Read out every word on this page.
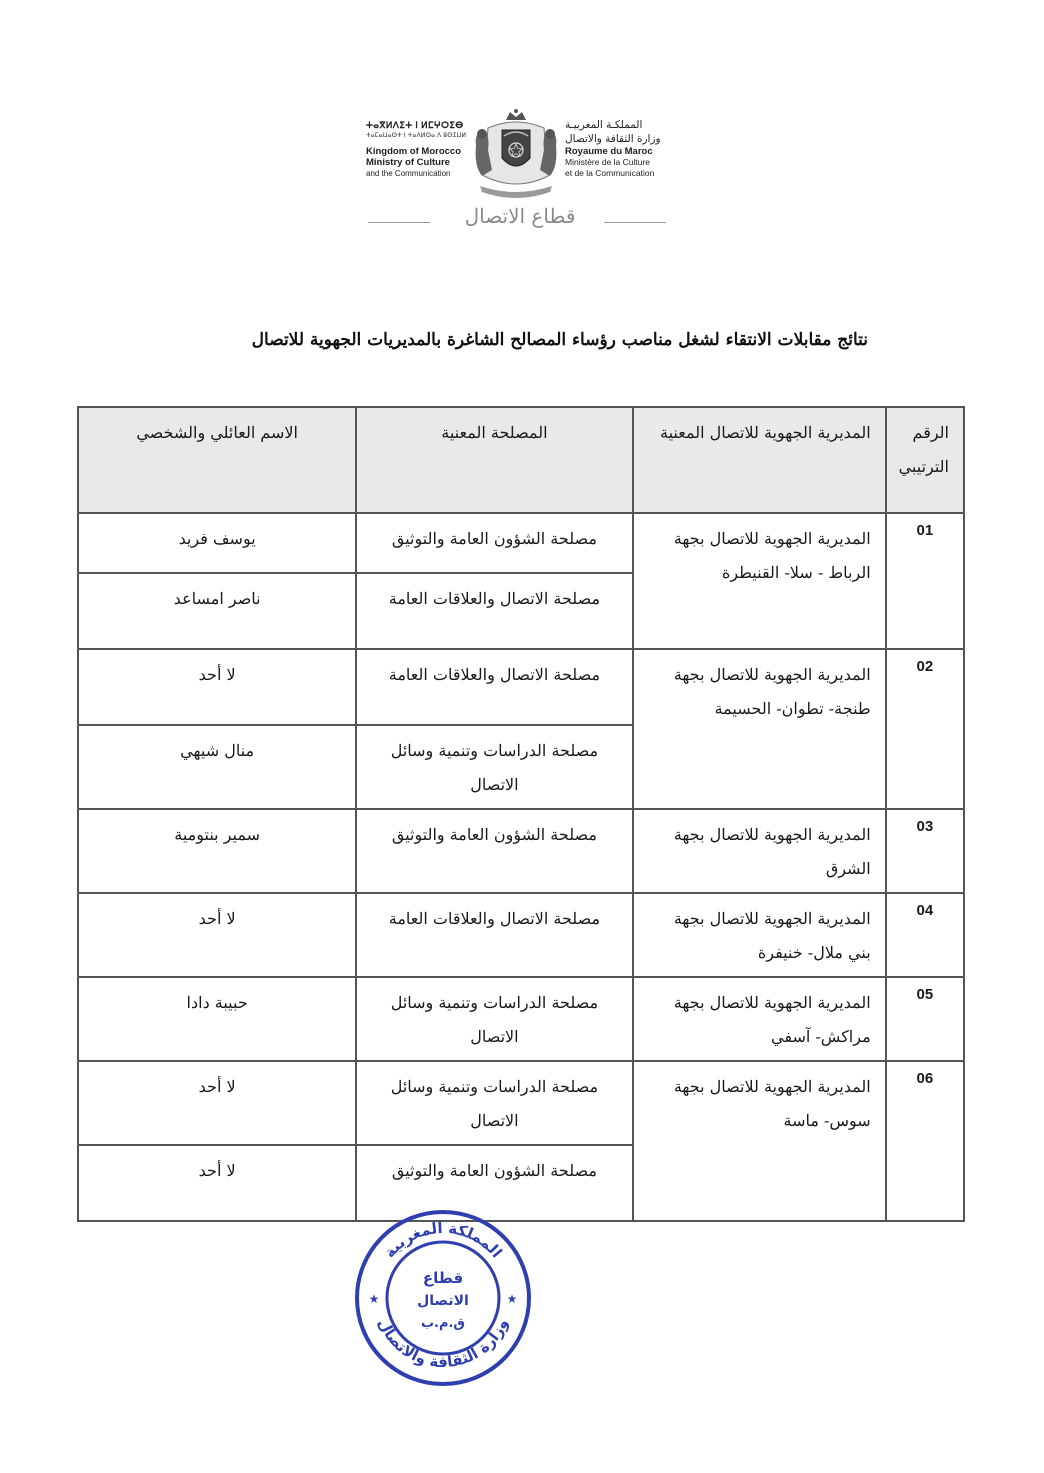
ⵜⴰⴳⵍⴷⵉⵜ ⵏ ⵍⵎⵖⵔⵉⴱ
ⵜⴰⵎⴰⵡⴰⵙⵜ ⵏ ⵜⴰⴷⵍⵙⴰ ⴷ ⵓⵙⵉⵡⵍ
Kingdom of Morocco
Ministry of Culture
and the Communication
المملكـة المغربيـة
وزارة الثقافة والاتصال
Royaume du Maroc
Ministère de la Culture
et de la Communication
قطاع الاتصال
نتائج مقابلات الانتقاء لشغل مناصب رؤساء المصالح الشاغرة بالمديريات الجهوية للاتصال
الرقم الترتيبي	المديرية الجهوية للاتصال المعنية	المصلحة المعنية	الاسم العائلي والشخصي
01	المديرية الجهوية للاتصال بجهة الرباط - سلا- القنيطرة	مصلحة الشؤون العامة والتوثيق	يوسف فريد
		مصلحة الاتصال والعلاقات العامة	ناصر امساعد
02	المديرية الجهوية للاتصال بجهة طنجة- تطوان- الحسيمة	مصلحة الاتصال والعلاقات العامة	لا أحد
		مصلحة الدراسات وتنمية وسائل الاتصال	منال شيهي
03	المديرية الجهوية للاتصال بجهة الشرق	مصلحة الشؤون العامة والتوثيق	سمير بنتومية
04	المديرية الجهوية للاتصال بجهة بني ملال- خنيفرة	مصلحة الاتصال والعلاقات العامة	لا أحد
05	المديرية الجهوية للاتصال بجهة مراكش- آسفي	مصلحة الدراسات وتنمية وسائل الاتصال	حبيبة دادا
06	المديرية الجهوية للاتصال بجهة سوس- ماسة	مصلحة الدراسات وتنمية وسائل الاتصال	لا أحد
		مصلحة الشؤون العامة والتوثيق	لا أحد
المملكة المغربية
وزارة الثقافة والاتصال
★	★
قطاع
الاتصال
ق.م.ب
